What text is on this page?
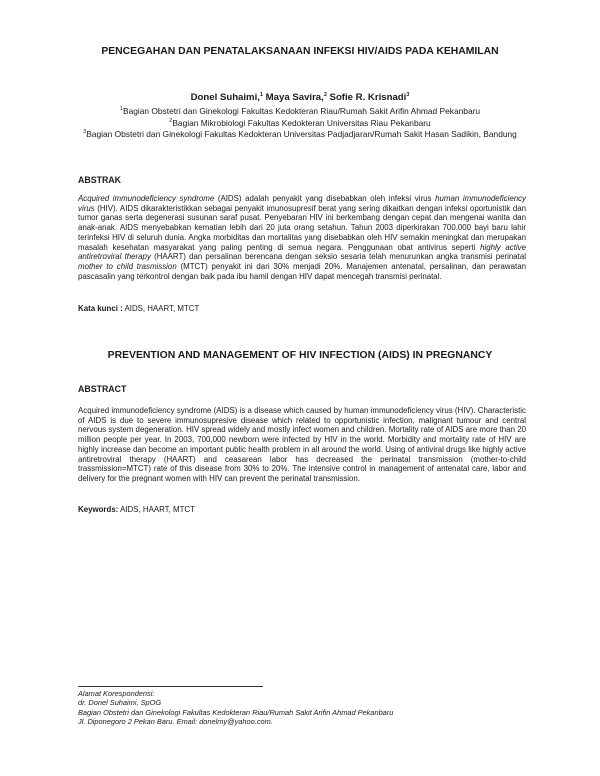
PENCEGAHAN DAN PENATALAKSANAAN INFEKSI HIV/AIDS PADA KEHAMILAN
Donel Suhaimi,$^1$ Maya Savira,$^2$ Sofie R. Krisnadi$^3$
$^1$Bagian Obstetri dan Ginekologi Fakultas Kedokteran Riau/Rumah Sakit Arifin Ahmad Pekanbaru
$^2$Bagian Mikrobiologi Fakultas Kedokteran Universitas Riau Pekanbaru
$^3$Bagian Obstetri dan Ginekologi Fakultas Kedokteran Universitas Padjadjaran/Rumah Sakit Hasan Sadikin, Bandung
ABSTRAK
Acquired immunodeficiency syndrome (AIDS) adalah penyakit yang disebabkan oleh infeksi virus human immunodeficiency virus (HIV). AIDS dikarakteristikkan sebagai penyakit imunosupresif berat yang sering dikaitkan dengan infeksi oportunistik dan tumor ganas serta degenerasi susunan saraf pusat. Penyebaran HIV ini berkembang dengan cepat dan mengenai wanita dan anak-anak. AIDS menyebabkan kematian lebih dari 20 juta orang setahun. Tahun 2003 diperkirakan 700.000 bayi baru lahir terinfeksi HIV di seluruh dunia. Angka morbiditas dan mortalitas yang disebabkan oleh HIV semakin meningkat dan merupakan masalah kesehatan masyarakat yang paling penting di semua negara. Penggunaan obat antivirus seperti highly active antiretroviral therapy (HAART) dan persalinan berencana dengan seksio sesaria telah menurunkan angka transmisi perinatal mother to child trasmission (MTCT) penyakit ini dari 30% menjadi 20%. Manajemen antenatal, persalinan, dan perawatan pascasalin yang terkontrol dengan baik pada ibu hamil dengan HIV dapat mencegah transmisi perinatal.
Kata kunci : AIDS, HAART, MTCT
PREVENTION AND MANAGEMENT OF HIV INFECTION (AIDS) IN PREGNANCY
ABSTRACT
Acquired immunodeficiency syndrome (AIDS) is a disease which caused by human immunodeficiency virus (HIV). Characteristic of AIDS is due to severe immunosupresive disease which related to opportunistic infection, malignant tumour and central nervous system degeneration. HIV spread widely and mostly infect women and children. Mortality rate of AIDS are more than 20 million people per year. In 2003, 700,000 newborn were infected by HIV in the world. Morbidity and mortality rate of HIV are highly increase dan become an important public health problem in all around the world. Using of antiviral drugs like highly active antiretroviral therapy (HAART) and ceasarean labor has decreased the perinatal transmission (mother-to-child trassmission=MTCT) rate of this disease from 30% to 20%. The intensive control in management of antenatal care, labor and delivery for the pregnant women with HIV can prevent the perinatal transmission.
Keywords: AIDS, HAART, MTCT
Alamat Korespondensi:
dr. Donel Suhaimi, SpOG
Bagian Obstetri dan Ginekologi Fakultas Kedokteran Riau/Rumah Sakit Arifin Ahmad Pekanbaru
Jl. Diponegoro 2 Pekan Baru. Email: donelmy@yahoo.com.
